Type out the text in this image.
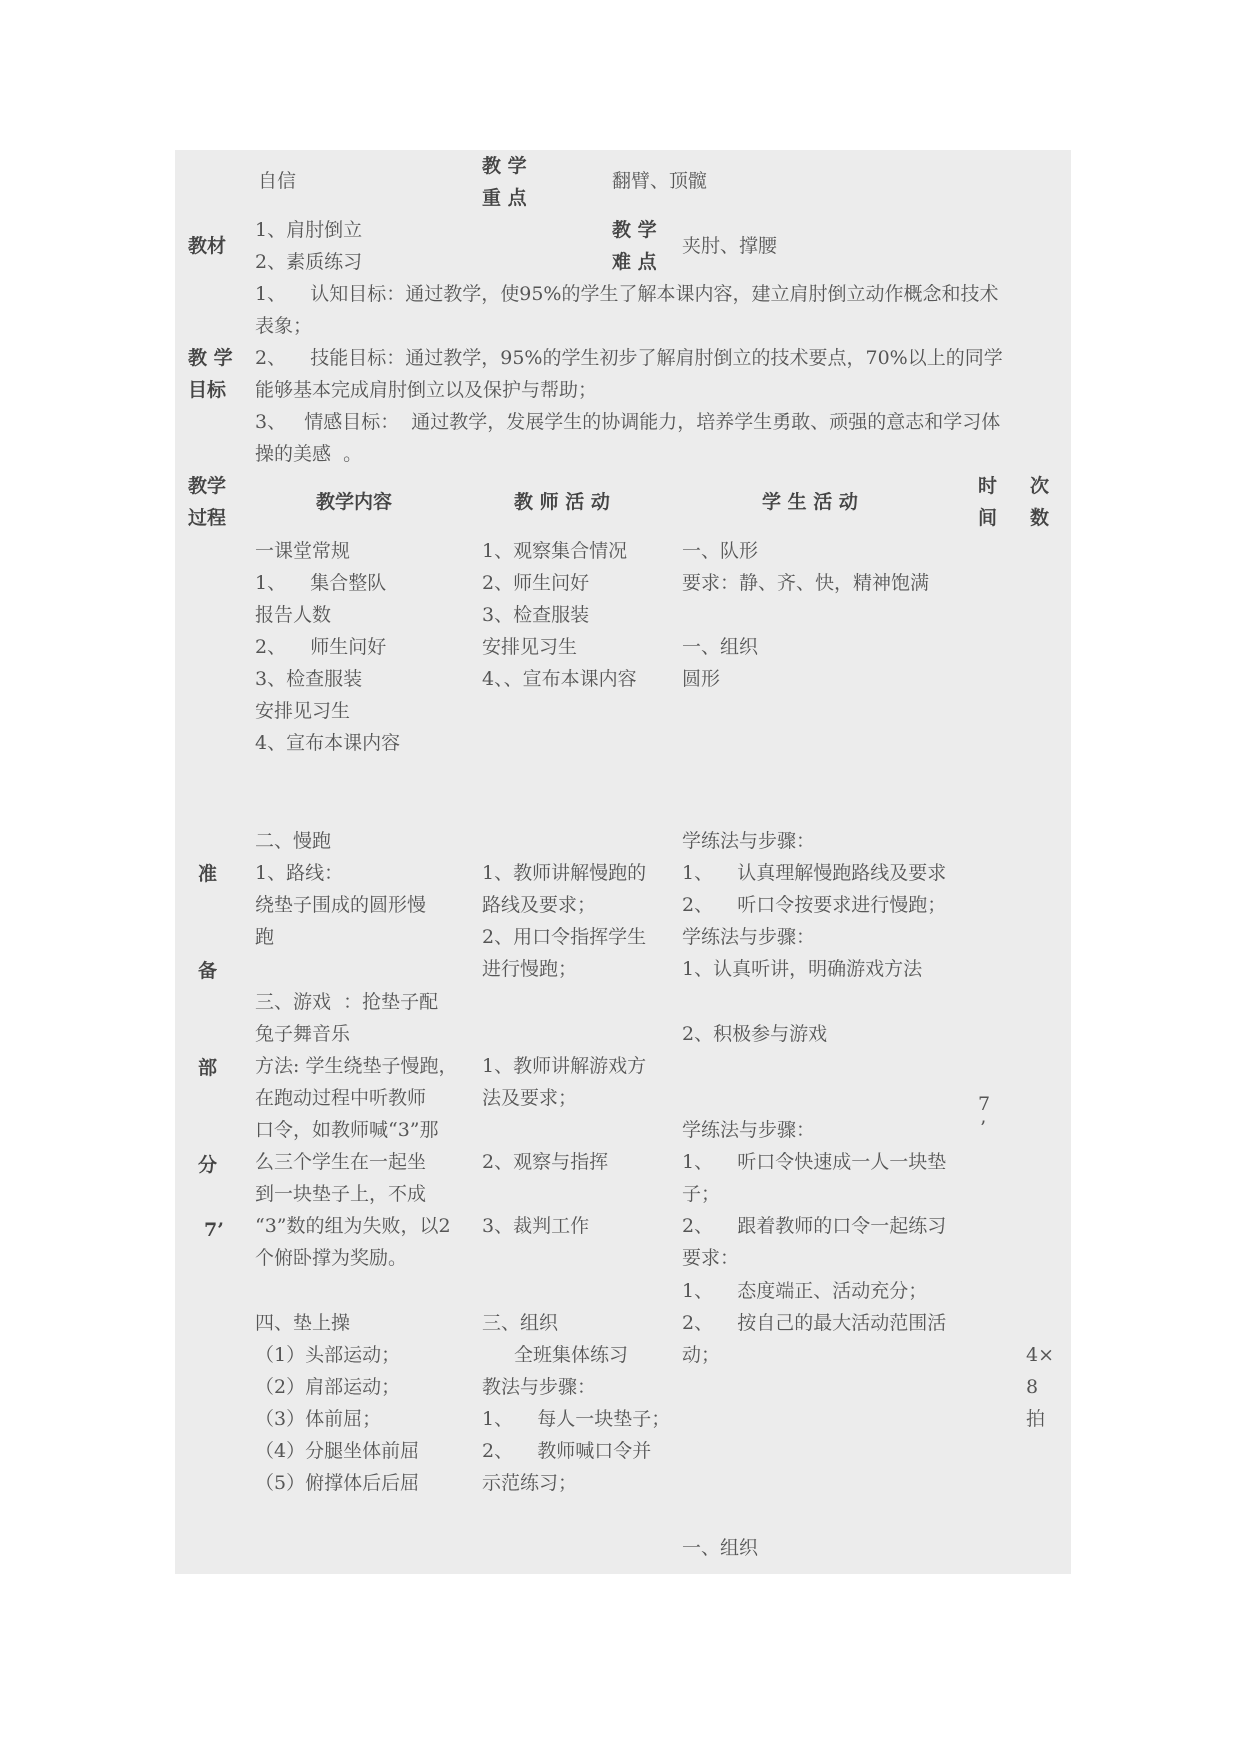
自信
教 学
重 点
翻臂、顶髋
教材
1、肩肘倒立
2、素质练习
教 学
难 点
夹肘、撑腰
教 学
目标
1、    认知目标：通过教学，使95%的学生了解本课内容，建立肩肘倒立动作概念和技术
表象；
2、    技能目标：通过教学，95%的学生初步了解肩肘倒立的技术要点，70%以上的同学
能够基本完成肩肘倒立以及保护与帮助；
3、   情感目标：  通过教学，发展学生的协调能力，培养学生勇敢、顽强的意志和学习体
操的美感  。
教学
过程
教学内容	教 师 活 动	学 生 活 动
时
间
次
数
准
备
部
分
7’
一课堂常规
1、    集合整队
报告人数
2、    师生问好
3、检查服装
安排见习生
4、宣布本课内容
二、慢跑
1、路线：
绕垫子围成的圆形慢
跑
三、游戏  ：抢垫子配
兔子舞音乐
方法: 学生绕垫子慢跑，
在跑动过程中听教师
口令，如教师喊“3”那
么三个学生在一起坐
到一块垫子上，不成
“3”数的组为失败，以2
个俯卧撑为奖励。
四、垫上操
（1）头部运动；
（2）肩部运动；
（3）体前屈；
（4）分腿坐体前屈
（5）俯撑体后后屈
1、观察集合情况
2、师生问好
3、检查服装
安排见习生
4、、宣布本课内容
1、教师讲解慢跑的
路线及要求；
2、用口令指挥学生
进行慢跑；
1、教师讲解游戏方
法及要求；
2、观察与指挥
3、裁判工作
三、组织
全班集体练习
教法与步骤：
1、    每人一块垫子；
2、    教师喊口令并
示范练习；
一、队形
要求：静、齐、快，精神饱满
一、组织
圆形
学练法与步骤：
1、    认真理解慢跑路线及要求
2、    听口令按要求进行慢跑；
学练法与步骤：
1、认真听讲，明确游戏方法
2、积极参与游戏
学练法与步骤：
1、    听口令快速成一人一块垫
子；
2、    跟着教师的口令一起练习
要求：
1、    态度端正、活动充分；
2、    按自己的最大活动范围活
动；
一、组织
7
’
4×
8
拍
